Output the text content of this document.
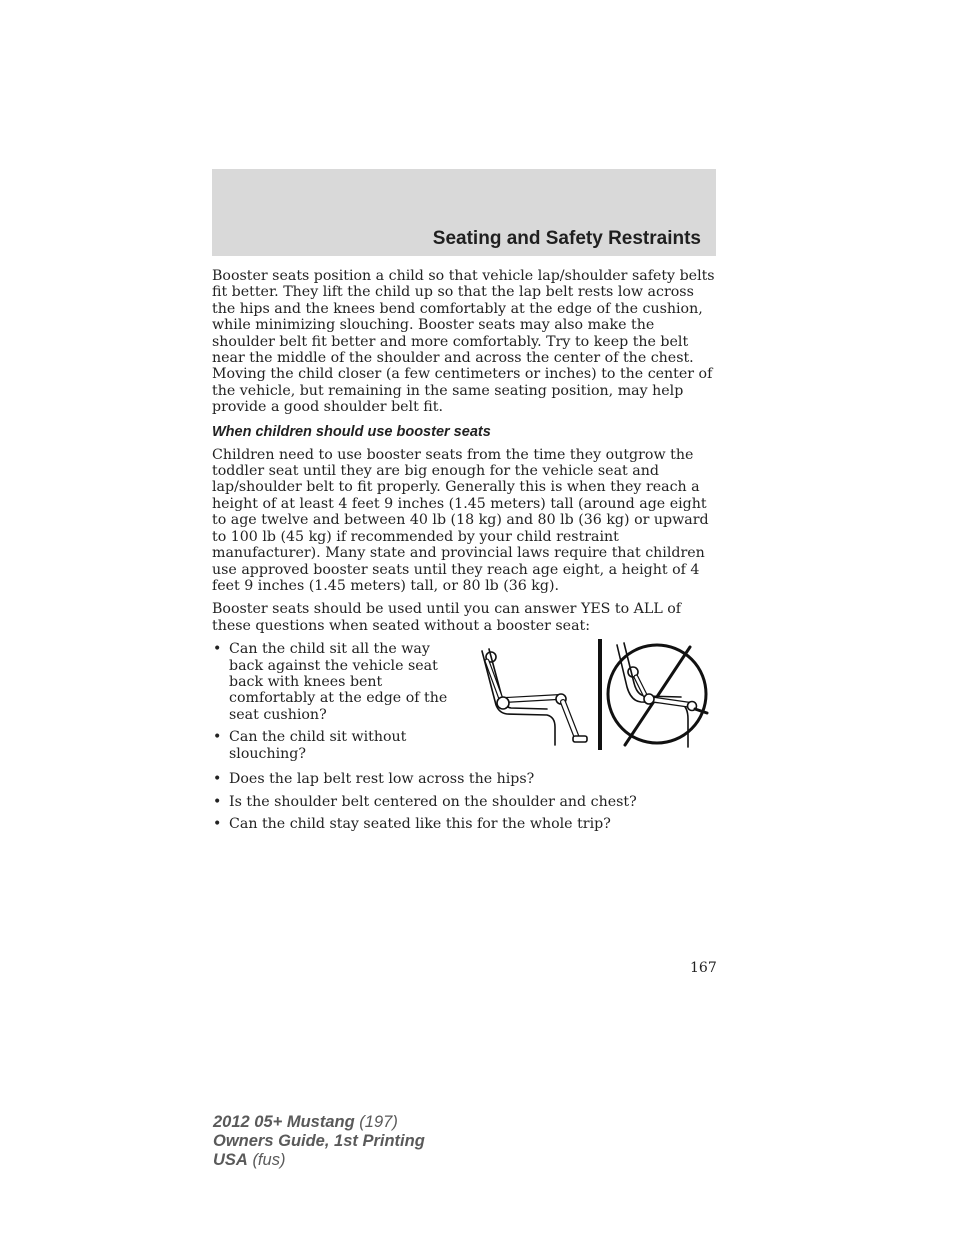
Seating and Safety Restraints

Booster seats position a child so that vehicle lap/shoulder safety belts fit better. They lift the child up so that the lap belt rests low across the hips and the knees bend comfortably at the edge of the cushion, while minimizing slouching. Booster seats may also make the shoulder belt fit better and more comfortably. Try to keep the belt near the middle of the shoulder and across the center of the chest. Moving the child closer (a few centimeters or inches) to the center of the vehicle, but remaining in the same seating position, may help provide a good shoulder belt fit.

When children should use booster seats

Children need to use booster seats from the time they outgrow the toddler seat until they are big enough for the vehicle seat and lap/shoulder belt to fit properly. Generally this is when they reach a height of at least 4 feet 9 inches (1.45 meters) tall (around age eight to age twelve and between 40 lb (18 kg) and 80 lb (36 kg) or upward to 100 lb (45 kg) if recommended by your child restraint manufacturer). Many state and provincial laws require that children use approved booster seats until they reach age eight, a height of 4 feet 9 inches (1.45 meters) tall, or 80 lb (36 kg).

Booster seats should be used until you can answer YES to ALL of these questions when seated without a booster seat:

• Can the child sit all the way back against the vehicle seat back with knees bent comfortably at the edge of the seat cushion?
• Can the child sit without slouching?
• Does the lap belt rest low across the hips?
• Is the shoulder belt centered on the shoulder and chest?
• Can the child stay seated like this for the whole trip?
167
2012 05+ Mustang (197)
Owners Guide, 1st Printing
USA (fus)
